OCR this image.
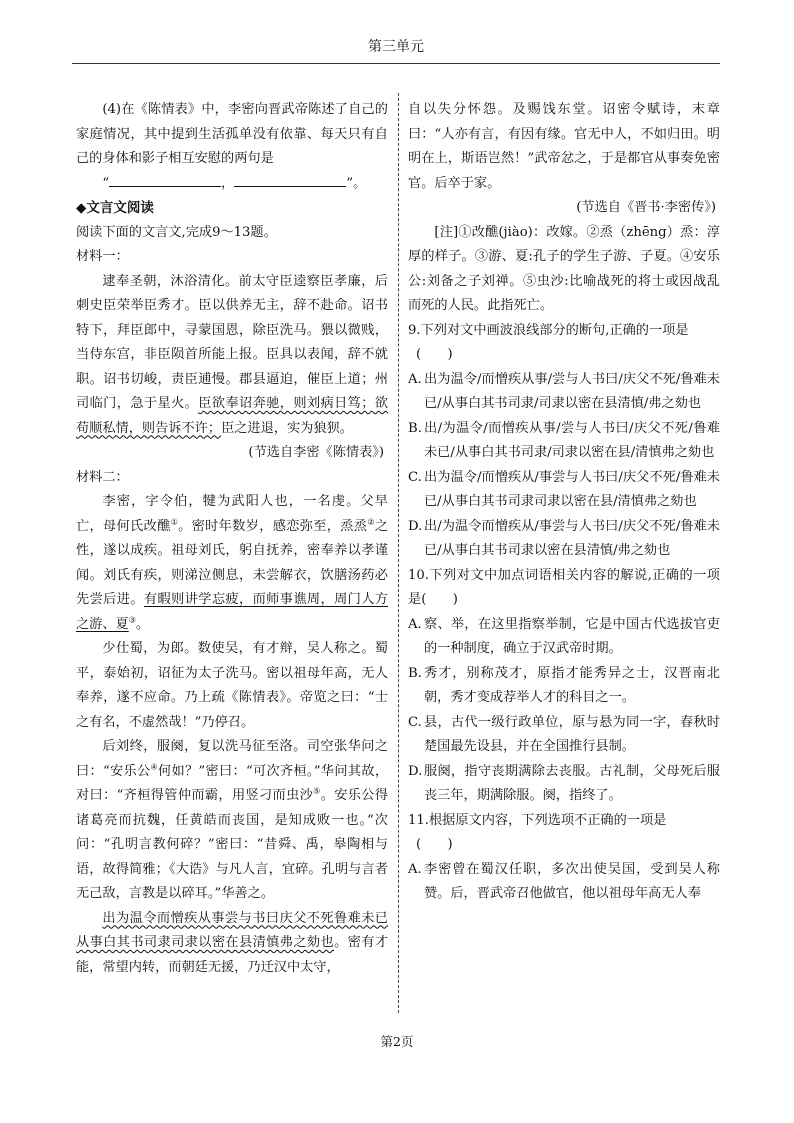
第三单元
(4)在《陈情表》中，李密向晋武帝陈述了自己的家庭情况，其中提到生活孤单没有依靠、每天只有自己的身体和影子相互安慰的两句是
“	，	”。
◆文言文阅读
阅读下面的文言文,完成9～13题。
材料一：
逮奉圣朝，沐浴清化。前太守臣逵察臣孝廉，后刺史臣荣举臣秀才。臣以供养无主，辞不赴命。诏书特下，拜臣郎中，寻蒙国恩，除臣洗马。猥以微贱，当侍东宫，非臣陨首所能上报。臣具以表闻，辞不就职。诏书切峻，责臣逋慢。郡县逼迫，催臣上道；州司临门，急于星火。臣欲奉诏奔驰，则刘病日笃；欲苟顺私情，则告诉不许；臣之进退，实为狼狈。
(节选自李密《陈情表》)
材料二：
李密，字令伯，犍为武阳人也，一名虔。父早亡，母何氏改醮①。密时年数岁，感恋弥至，烝烝②之性，遂以成疾。祖母刘氏，躬自抚养，密奉养以孝谨闻。刘氏有疾，则涕泣侧息，未尝解衣，饮膳汤药必先尝后进。有暇则讲学忘疲，而师事谯周，周门人方之游、夏③。
少仕蜀，为郎。数使吴，有才辩，吴人称之。蜀平，泰始初，诏征为太子洗马。密以祖母年高，无人奉养，遂不应命。乃上疏《陈情表》。帝览之曰：“士之有名，不虚然哉！”乃停召。
后刘终，服阕，复以洗马征至洛。司空张华问之曰：“安乐公④何如？”密曰：“可次齐桓。”华问其故，对曰：“齐桓得管仲而霸，用竖刁而虫沙⑤。安乐公得诸葛亮而抗魏，任黄皓而丧国，是知成败一也。”次问：“孔明言教何碎？”密曰：“昔舜、禹，皋陶相与语，故得简雅；《大诰》与凡人言，宜碎。孔明与言者无己敌，言教是以碎耳。”华善之。
出为温令而憎疾从事尝与书曰庆父不死鲁难未已从事白其书司隶司隶以密在县清慎弗之劾也。密有才能，常望内转，而朝廷无援，乃迁汉中太守，
自以失分怀怨。及赐饯东堂。诏密令赋诗，末章曰：“人亦有言，有因有缘。官无中人，不如归田。明明在上，斯语岂然！”武帝忿之，于是都官从事奏免密官。后卒于家。
(节选自《晋书·李密传》)
[注]①改醮(jiào)：改嫁。②烝（zhēng）烝：淳厚的样子。③游、夏:孔子的学生子游、子夏。④安乐公:刘备之子刘禅。⑤虫沙:比喻战死的将士或因战乱而死的人民。此指死亡。
9.下列对文中画波浪线部分的断句,正确的一项是
(　　)
A. 出为温令/而憎疾从事/尝与人书曰/庆父不死/鲁难未已/从事白其书司隶/司隶以密在县清慎/弗之劾也
B. 出/为温令/而憎疾从事/尝与人书曰/庆父不死/鲁难未已/从事白其书司隶/司隶以密在县/清慎弗之劾也
C. 出为温令/而憎疾从/事尝与人书曰/庆父不死/鲁难未已/从事白其书司隶司隶以密在县/清慎弗之劾也
D. 出/为温令而憎疾从/事尝与人书曰/庆父不死/鲁难未已/从事白其书司隶以密在县清慎/弗之劾也
10.下列对文中加点词语相关内容的解说,正确的一项是(　　)
A. 察、举，在这里指察举制，它是中国古代选拔官吏的一种制度，确立于汉武帝时期。
B. 秀才，别称茂才，原指才能秀异之士，汉晋南北朝，秀才变成荐举人才的科目之一。
C. 县，古代一级行政单位，原与悬为同一字，春秋时楚国最先设县，并在全国推行县制。
D. 服阕，指守丧期满除去丧服。古礼制，父母死后服丧三年，期满除服。阕，指终了。
11.根据原文内容，下列选项不正确的一项是
(　　)
A. 李密曾在蜀汉任职，多次出使吴国，受到吴人称赞。后，晋武帝召他做官，他以祖母年高无人奉
第2页
